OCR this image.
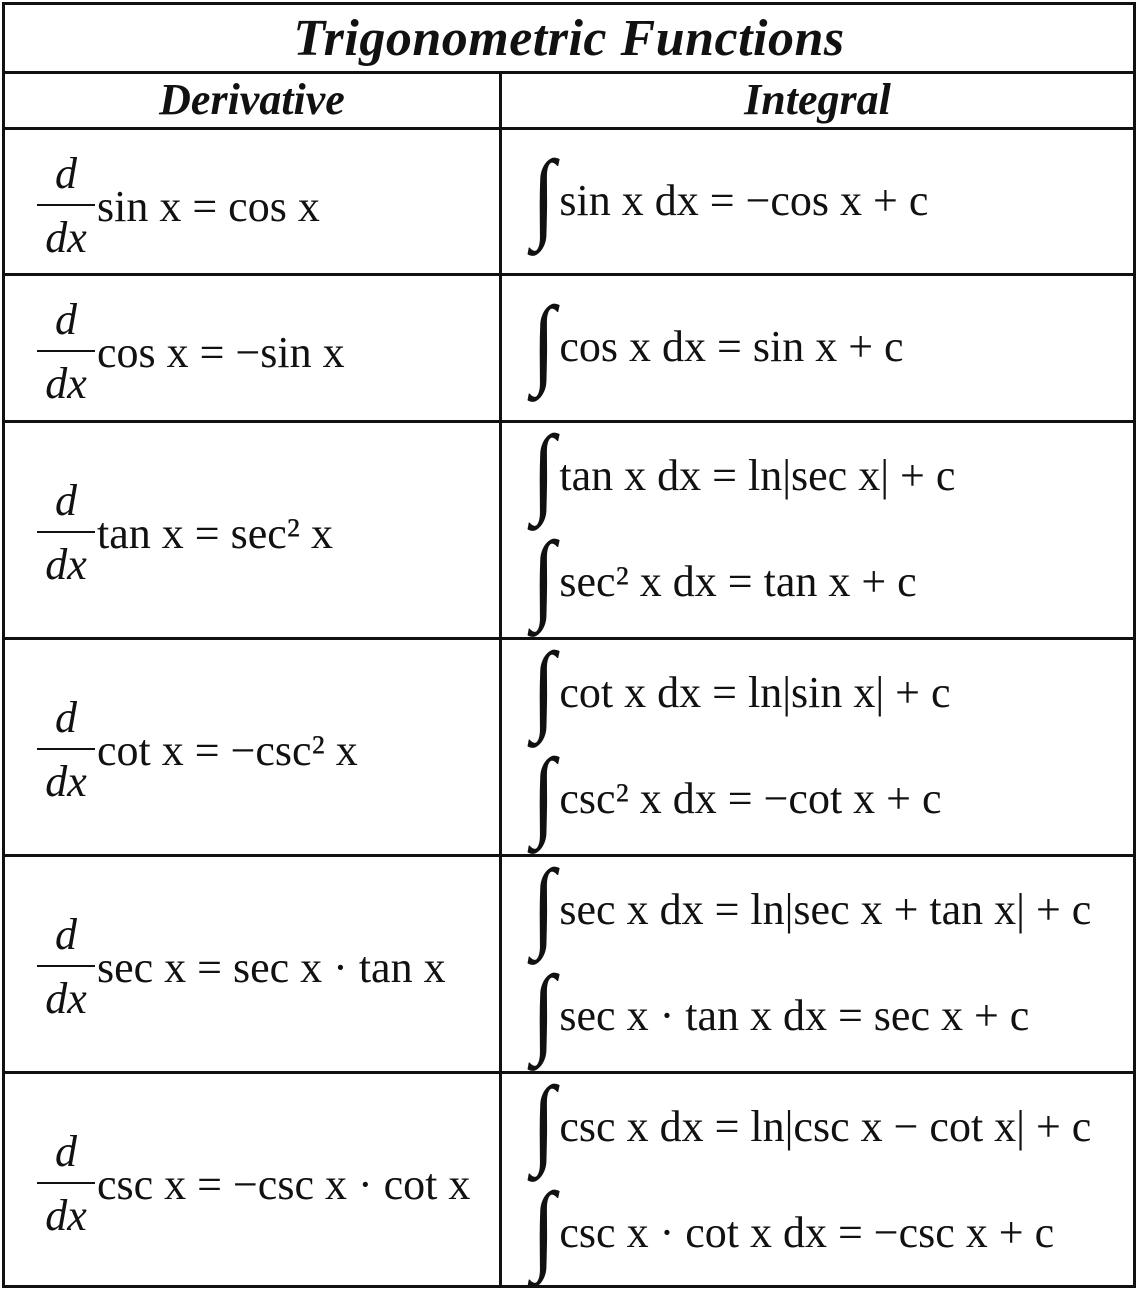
Trigonometric Functions
Derivative	Integral
$\frac{d}{dx}$ sin x = cos x ∫ sin x dx = −cos x + c
$\frac{d}{dx}$ cos x = −sin x ∫ cos x dx = sin x + c
$\frac{d}{dx}$ tan x = sec² x
∫ tan x dx = ln|sec x| + c
∫ sec² x dx = tan x + c
$\frac{d}{dx}$ cot x = −csc² x
∫ cot x dx = ln|sin x| + c
∫ csc² x dx = −cot x + c
$\frac{d}{dx}$ sec x = sec x · tan x
∫ sec x dx = ln|sec x + tan x| + c
∫ sec x · tan x dx = sec x + c
$\frac{d}{dx}$ csc x = −csc x · cot x
∫ csc x dx = ln|csc x − cot x| + c
∫ csc x · cot x dx = −csc x + c
